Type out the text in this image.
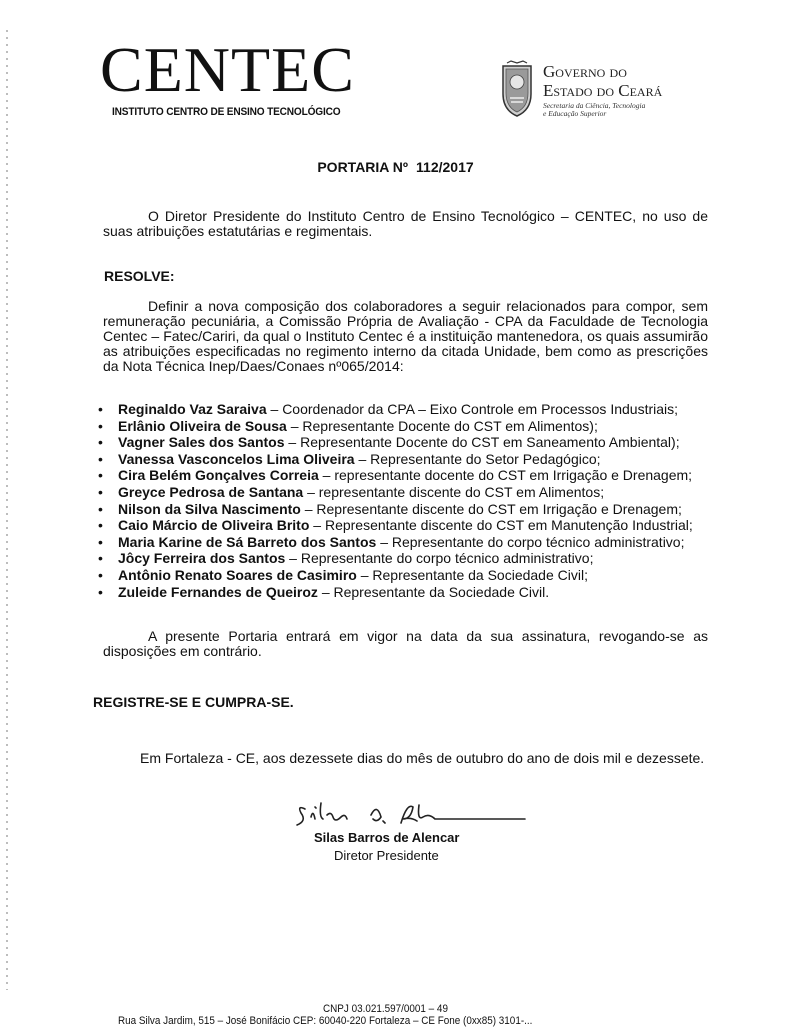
CENTEC
INSTITUTO CENTRO DE ENSINO TECNOLÓGICO
Governo do
Estado do Ceará
Secretaria da Ciência, Tecnologia
e Educação Superior
PORTARIA Nº 112/2017
O Diretor Presidente do Instituto Centro de Ensino Tecnológico – CENTEC, no uso de suas atribuições estatutárias e regimentais.
RESOLVE:
Definir a nova composição dos colaboradores a seguir relacionados para compor, sem remuneração pecuniária, a Comissão Própria de Avaliação - CPA da Faculdade de Tecnologia Centec – Fatec/Cariri, da qual o Instituto Centec é a instituição mantenedora, os quais assumirão as atribuições especificadas no regimento interno da citada Unidade, bem como as prescrições da Nota Técnica Inep/Daes/Conaes nº065/2014:
• Reginaldo Vaz Saraiva – Coordenador da CPA – Eixo Controle em Processos Industriais;
• Erlânio Oliveira de Sousa – Representante Docente do CST em Alimentos);
• Vagner Sales dos Santos – Representante Docente do CST em Saneamento Ambiental);
• Vanessa Vasconcelos Lima Oliveira – Representante do Setor Pedagógico;
• Cira Belém Gonçalves Correia – representante docente do CST em Irrigação e Drenagem;
• Greyce Pedrosa de Santana – representante discente do CST em Alimentos;
• Nilson da Silva Nascimento – Representante discente do CST em Irrigação e Drenagem;
• Caio Márcio de Oliveira Brito – Representante discente do CST em Manutenção Industrial;
• Maria Karine de Sá Barreto dos Santos – Representante do corpo técnico administrativo;
• Jôcy Ferreira dos Santos – Representante do corpo técnico administrativo;
• Antônio Renato Soares de Casimiro – Representante da Sociedade Civil;
• Zuleide Fernandes de Queiroz – Representante da Sociedade Civil.
A presente Portaria entrará em vigor na data da sua assinatura, revogando-se as disposições em contrário.
REGISTRE-SE E CUMPRA-SE.
Em Fortaleza - CE, aos dezessete dias do mês de outubro do ano de dois mil e dezessete.
Silas Barros de Alencar
Diretor Presidente
CNPJ 03.021.597/0001 – 49
Rua Silva Jardim, 515 – José Bonifácio CEP: 60040-220 Fortaleza – CE Fone (0xx85) 3101-...
